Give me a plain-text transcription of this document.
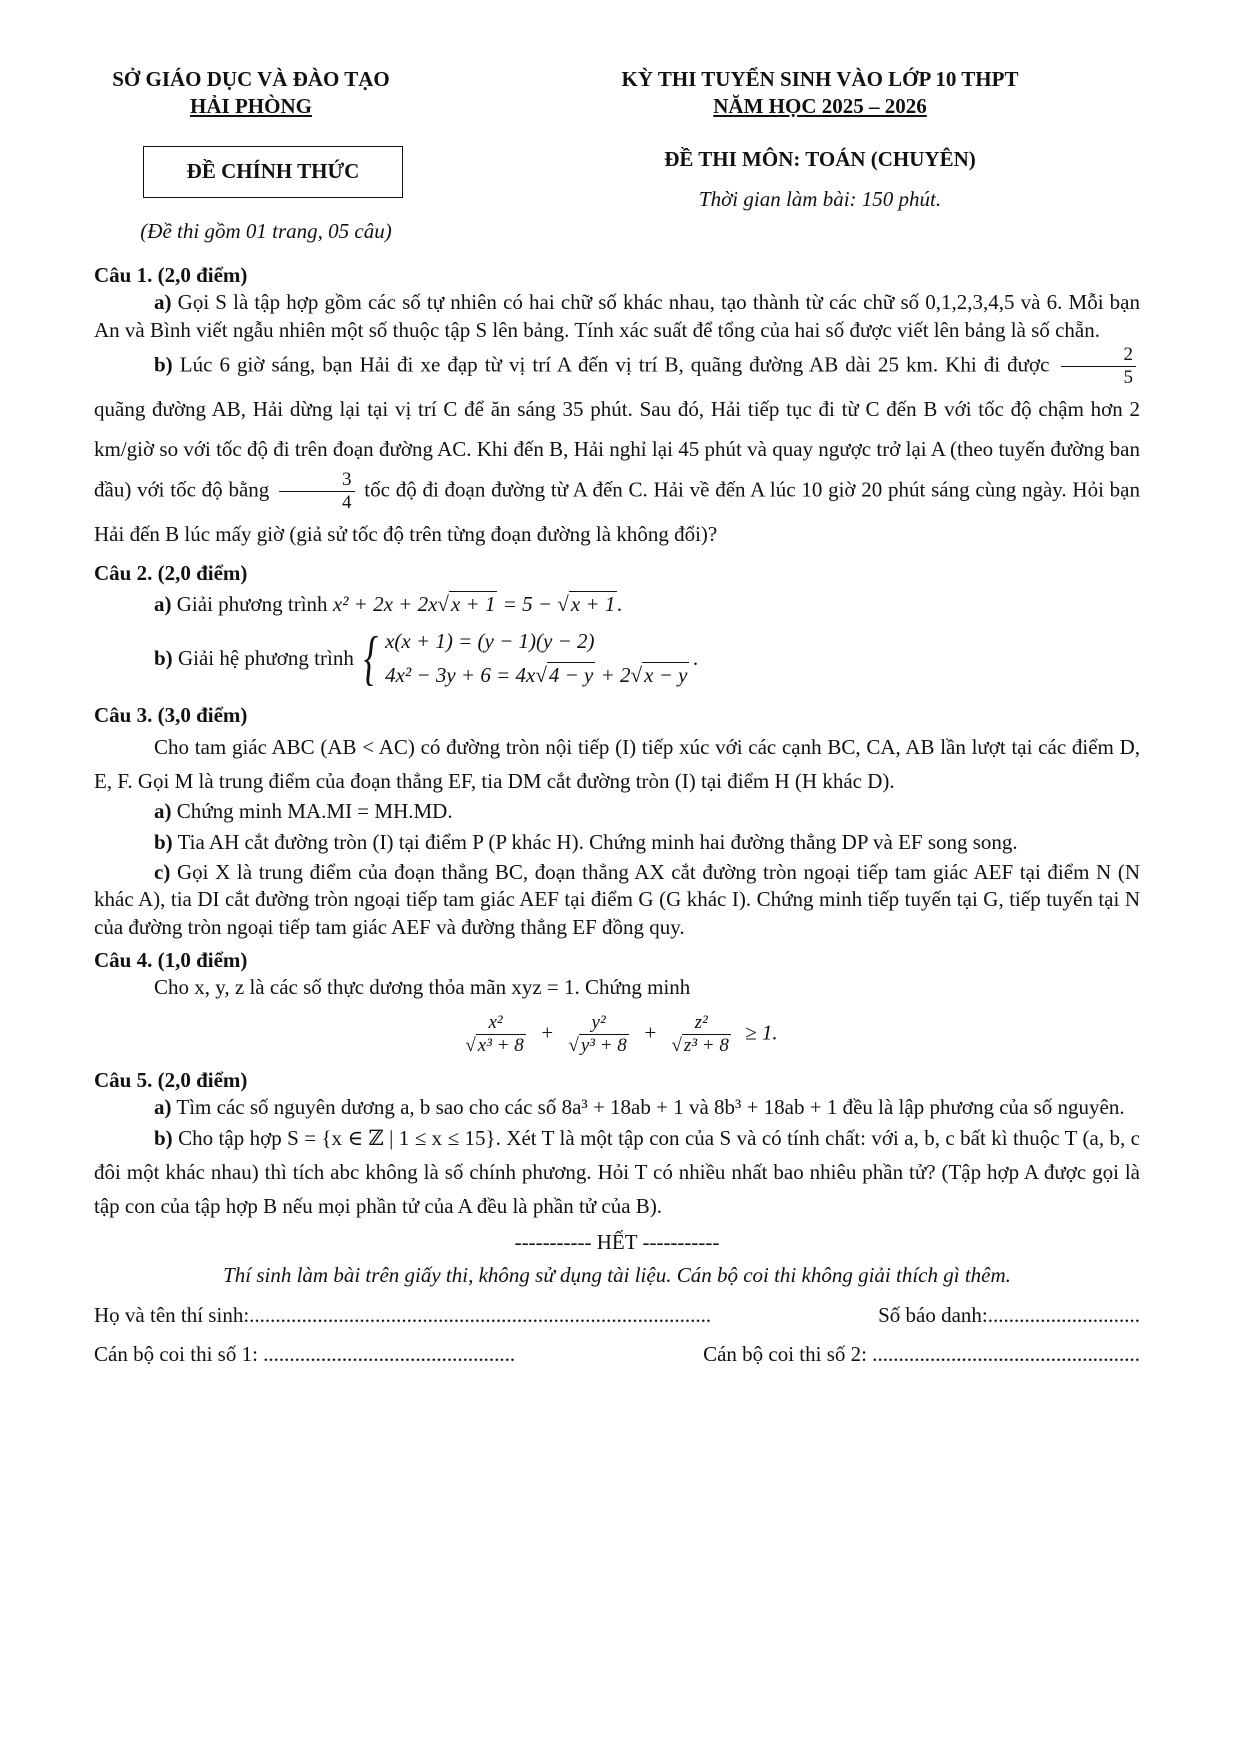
SỞ GIÁO DỤC VÀ ĐÀO TẠO
HẢI PHÒNG
KỲ THI TUYỂN SINH VÀO LỚP 10 THPT
NĂM HỌC 2025 – 2026
ĐỀ CHÍNH THỨC
(Đề thi gồm 01 trang, 05 câu)
ĐỀ THI MÔN: TOÁN (CHUYÊN)
Thời gian làm bài: 150 phút.
Câu 1. (2,0 điểm)

a) Gọi S là tập hợp gồm các số tự nhiên có hai chữ số khác nhau, tạo thành từ các chữ số 0,1,2,3,4,5 và 6. Mỗi bạn An và Bình viết ngẫu nhiên một số thuộc tập S lên bảng. Tính xác suất để tổng của hai số được viết lên bảng là số chẵn.

b) Lúc 6 giờ sáng, bạn Hải đi xe đạp từ vị trí A đến vị trí B, quãng đường AB dài 25 km. Khi đi được $\frac{2}{5}$
quãng đường AB, Hải dừng lại tại vị trí C để ăn sáng 35 phút. Sau đó, Hải tiếp tục đi từ C đến B với tốc độ chậm hơn 2 km/giờ so với tốc độ đi trên đoạn đường AC. Khi đến B, Hải nghỉ lại 45 phút và quay ngược trở lại A (theo tuyến đường ban đầu) với tốc độ bằng $\frac{3}{4}$ tốc độ đi đoạn đường từ A đến C. Hải về đến A lúc 10 giờ 20 phút sáng cùng ngày. Hỏi bạn Hải đến B lúc mấy giờ (giả sử tốc độ trên từng đoạn đường là không đổi)?

Câu 2. (2,0 điểm)
a) Giải phương trình x² + 2x + 2x√x + 1 = 5 − √x + 1.
b)
Giải hệ phương trình
{ x(x + 1) = (y − 1)(y − 2)
4x² − 3y + 6 = 4x√4 − y + 2√x − y
.
Câu 3. (3,0 điểm)

Cho tam giác ABC (AB < AC) có đường tròn nội tiếp (I) tiếp xúc với các cạnh BC, CA, AB lần lượt tại các điểm D, E, F. Gọi M là trung điểm của đoạn thẳng EF, tia DM cắt đường tròn (I) tại điểm H (H khác D).

a) Chứng minh MA.MI = MH.MD.

b) Tia AH cắt đường tròn (I) tại điểm P (P khác H). Chứng minh hai đường thẳng DP và EF song song.

c) Gọi X là trung điểm của đoạn thẳng BC, đoạn thẳng AX cắt đường tròn ngoại tiếp tam giác AEF tại điểm N (N khác A), tia DI cắt đường tròn ngoại tiếp tam giác AEF tại điểm G (G khác I). Chứng minh tiếp tuyến tại G, tiếp tuyến tại N của đường tròn ngoại tiếp tam giác AEF và đường thẳng EF đồng quy.

Câu 4. (1,0 điểm)

Cho x, y, z là các số thực dương thỏa mãn xyz = 1. Chứng minh

$\frac{\text{x²}}{\text{√ x³ + 8}} + \frac{\text{y²}}{\text{√ y³ + 8}} + \frac{\text{z²}}{\text{√ z³ + 8}} \ge 1$.
Câu 5. (2,0 điểm)

a) Tìm các số nguyên dương a, b sao cho các số 8a³ + 18ab + 1 và 8b³ + 18ab + 1 đều là lập phương của số nguyên.

b) Cho tập hợp S = {x ∈ ℤ | 1 ≤ x ≤ 15}. Xét T là một tập con của S và có tính chất: với a, b, c bất kì thuộc T (a, b, c đôi một khác nhau) thì tích abc không là số chính phương. Hỏi T có nhiều nhất bao nhiêu phần tử? (Tập hợp A được gọi là tập con của tập hợp B nếu mọi phần tử của A đều là phần tử của B).

----------- HẾT -----------
Thí sinh làm bài trên giấy thi, không sử dụng tài liệu. Cán bộ coi thi không giải thích gì thêm.
Họ và tên thí sinh:........................................................................................	Số báo danh:.............................
Cán bộ coi thi số 1: ................................................	Cán bộ coi thi số 2: ...................................................
